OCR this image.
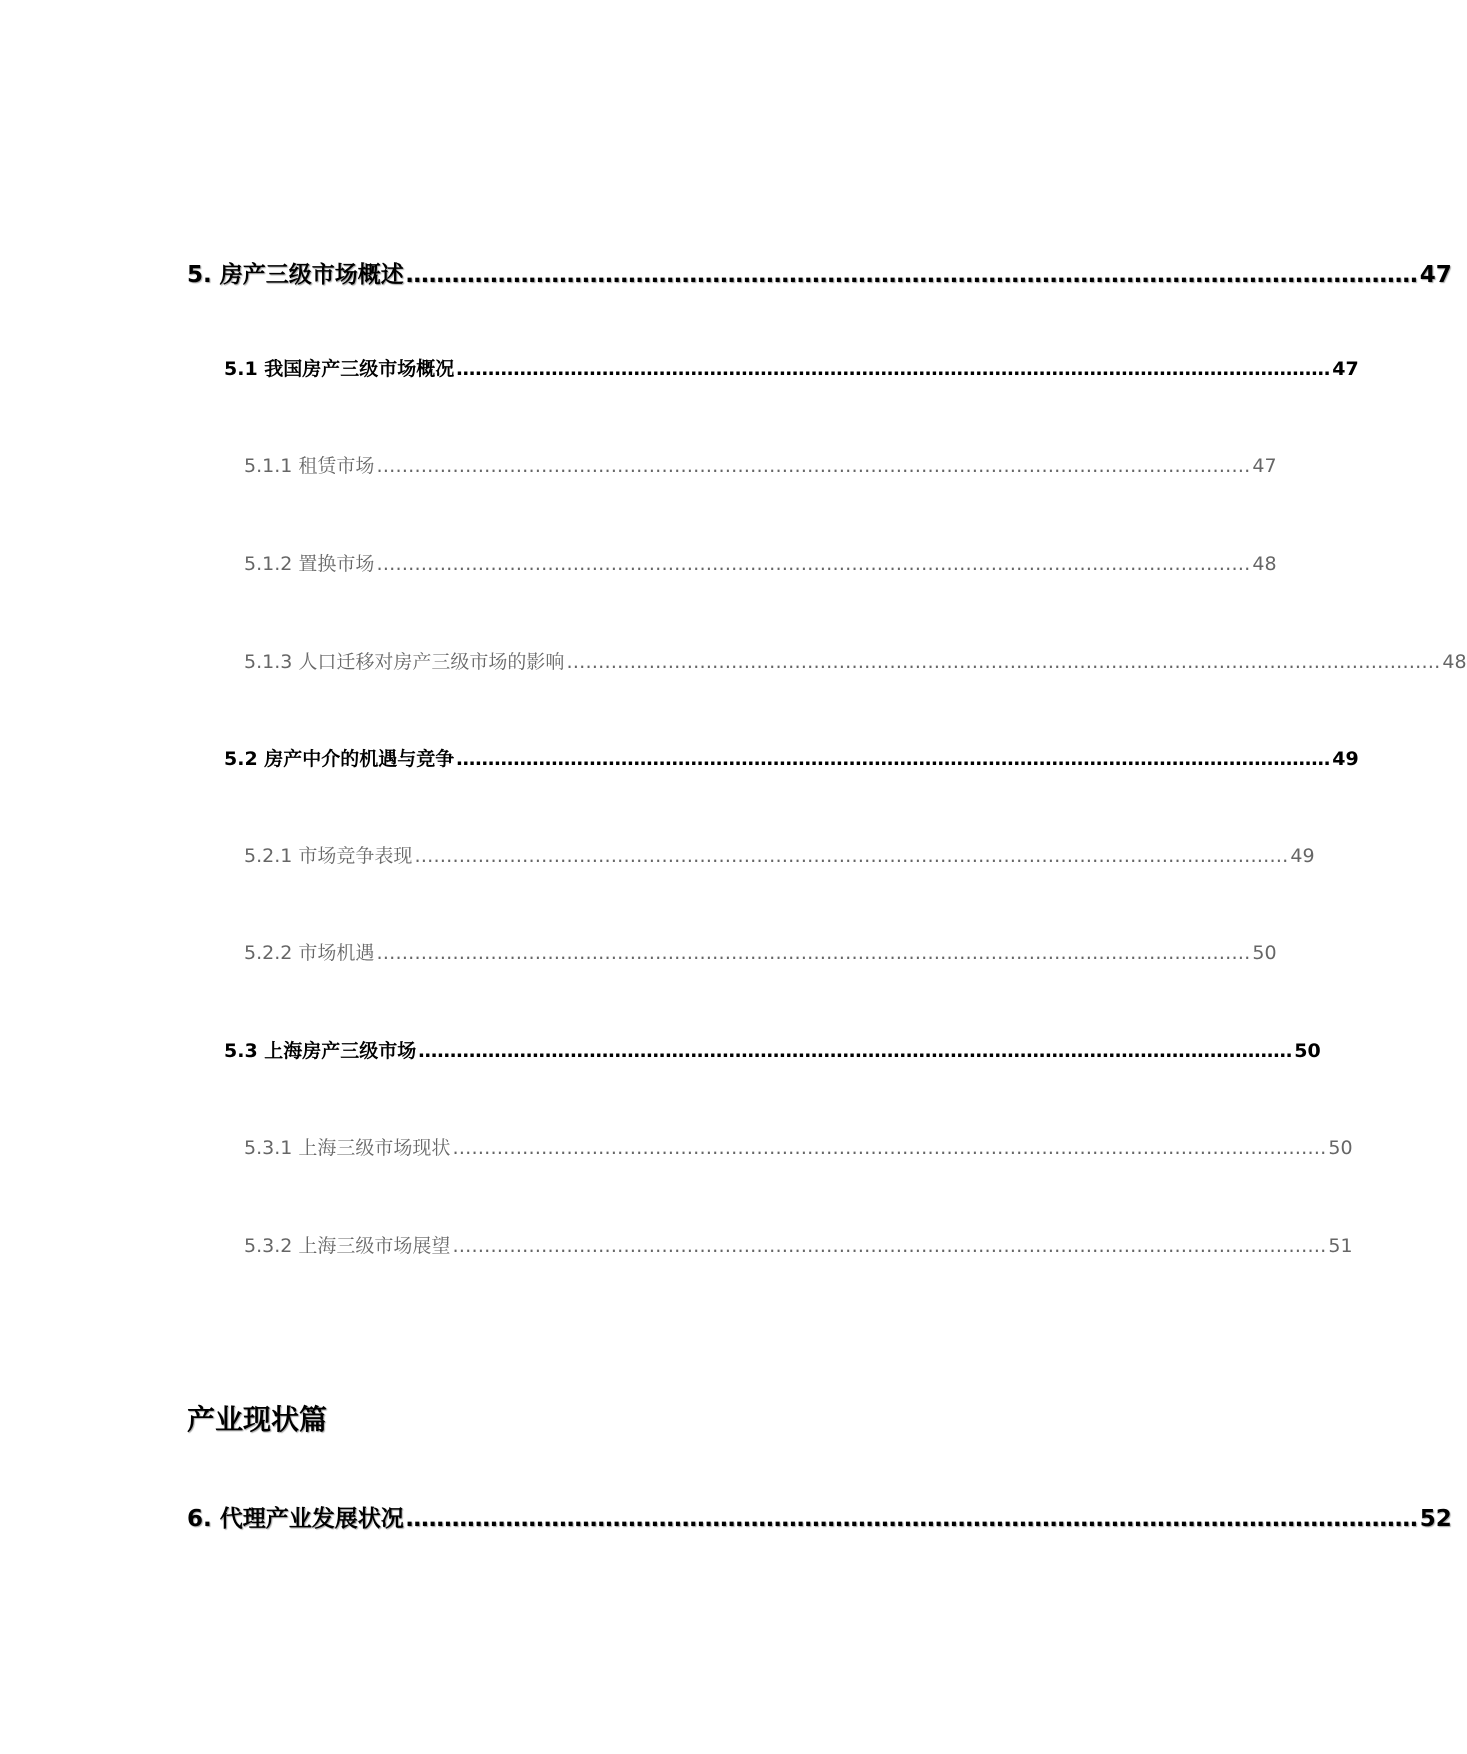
5. 房产三级市场概述 …………………………………………………………………………………………………………………… 47
5.1 我国房产三级市场概况 ………………………………………………………………………………………………………………………… 47
5.1.1 租赁市场 ………………………………………………………………………………………………………………………… 47
5.1.2 置换市场 ………………………………………………………………………………………………………………………… 48
5.1.3 人口迁移对房产三级市场的影响 ………………………………………………………………………………………………………………………… 48
5.2 房产中介的机遇与竞争 ………………………………………………………………………………………………………………………… 49
5.2.1 市场竞争表现 ………………………………………………………………………………………………………………………… 49
5.2.2 市场机遇 ………………………………………………………………………………………………………………………… 50
5.3 上海房产三级市场 ………………………………………………………………………………………………………………………… 50
5.3.1 上海三级市场现状 ………………………………………………………………………………………………………………………… 50
5.3.2 上海三级市场展望 ………………………………………………………………………………………………………………………… 51
产业现状篇
6. 代理产业发展状况 …………………………………………………………………………………………………………………… 52
